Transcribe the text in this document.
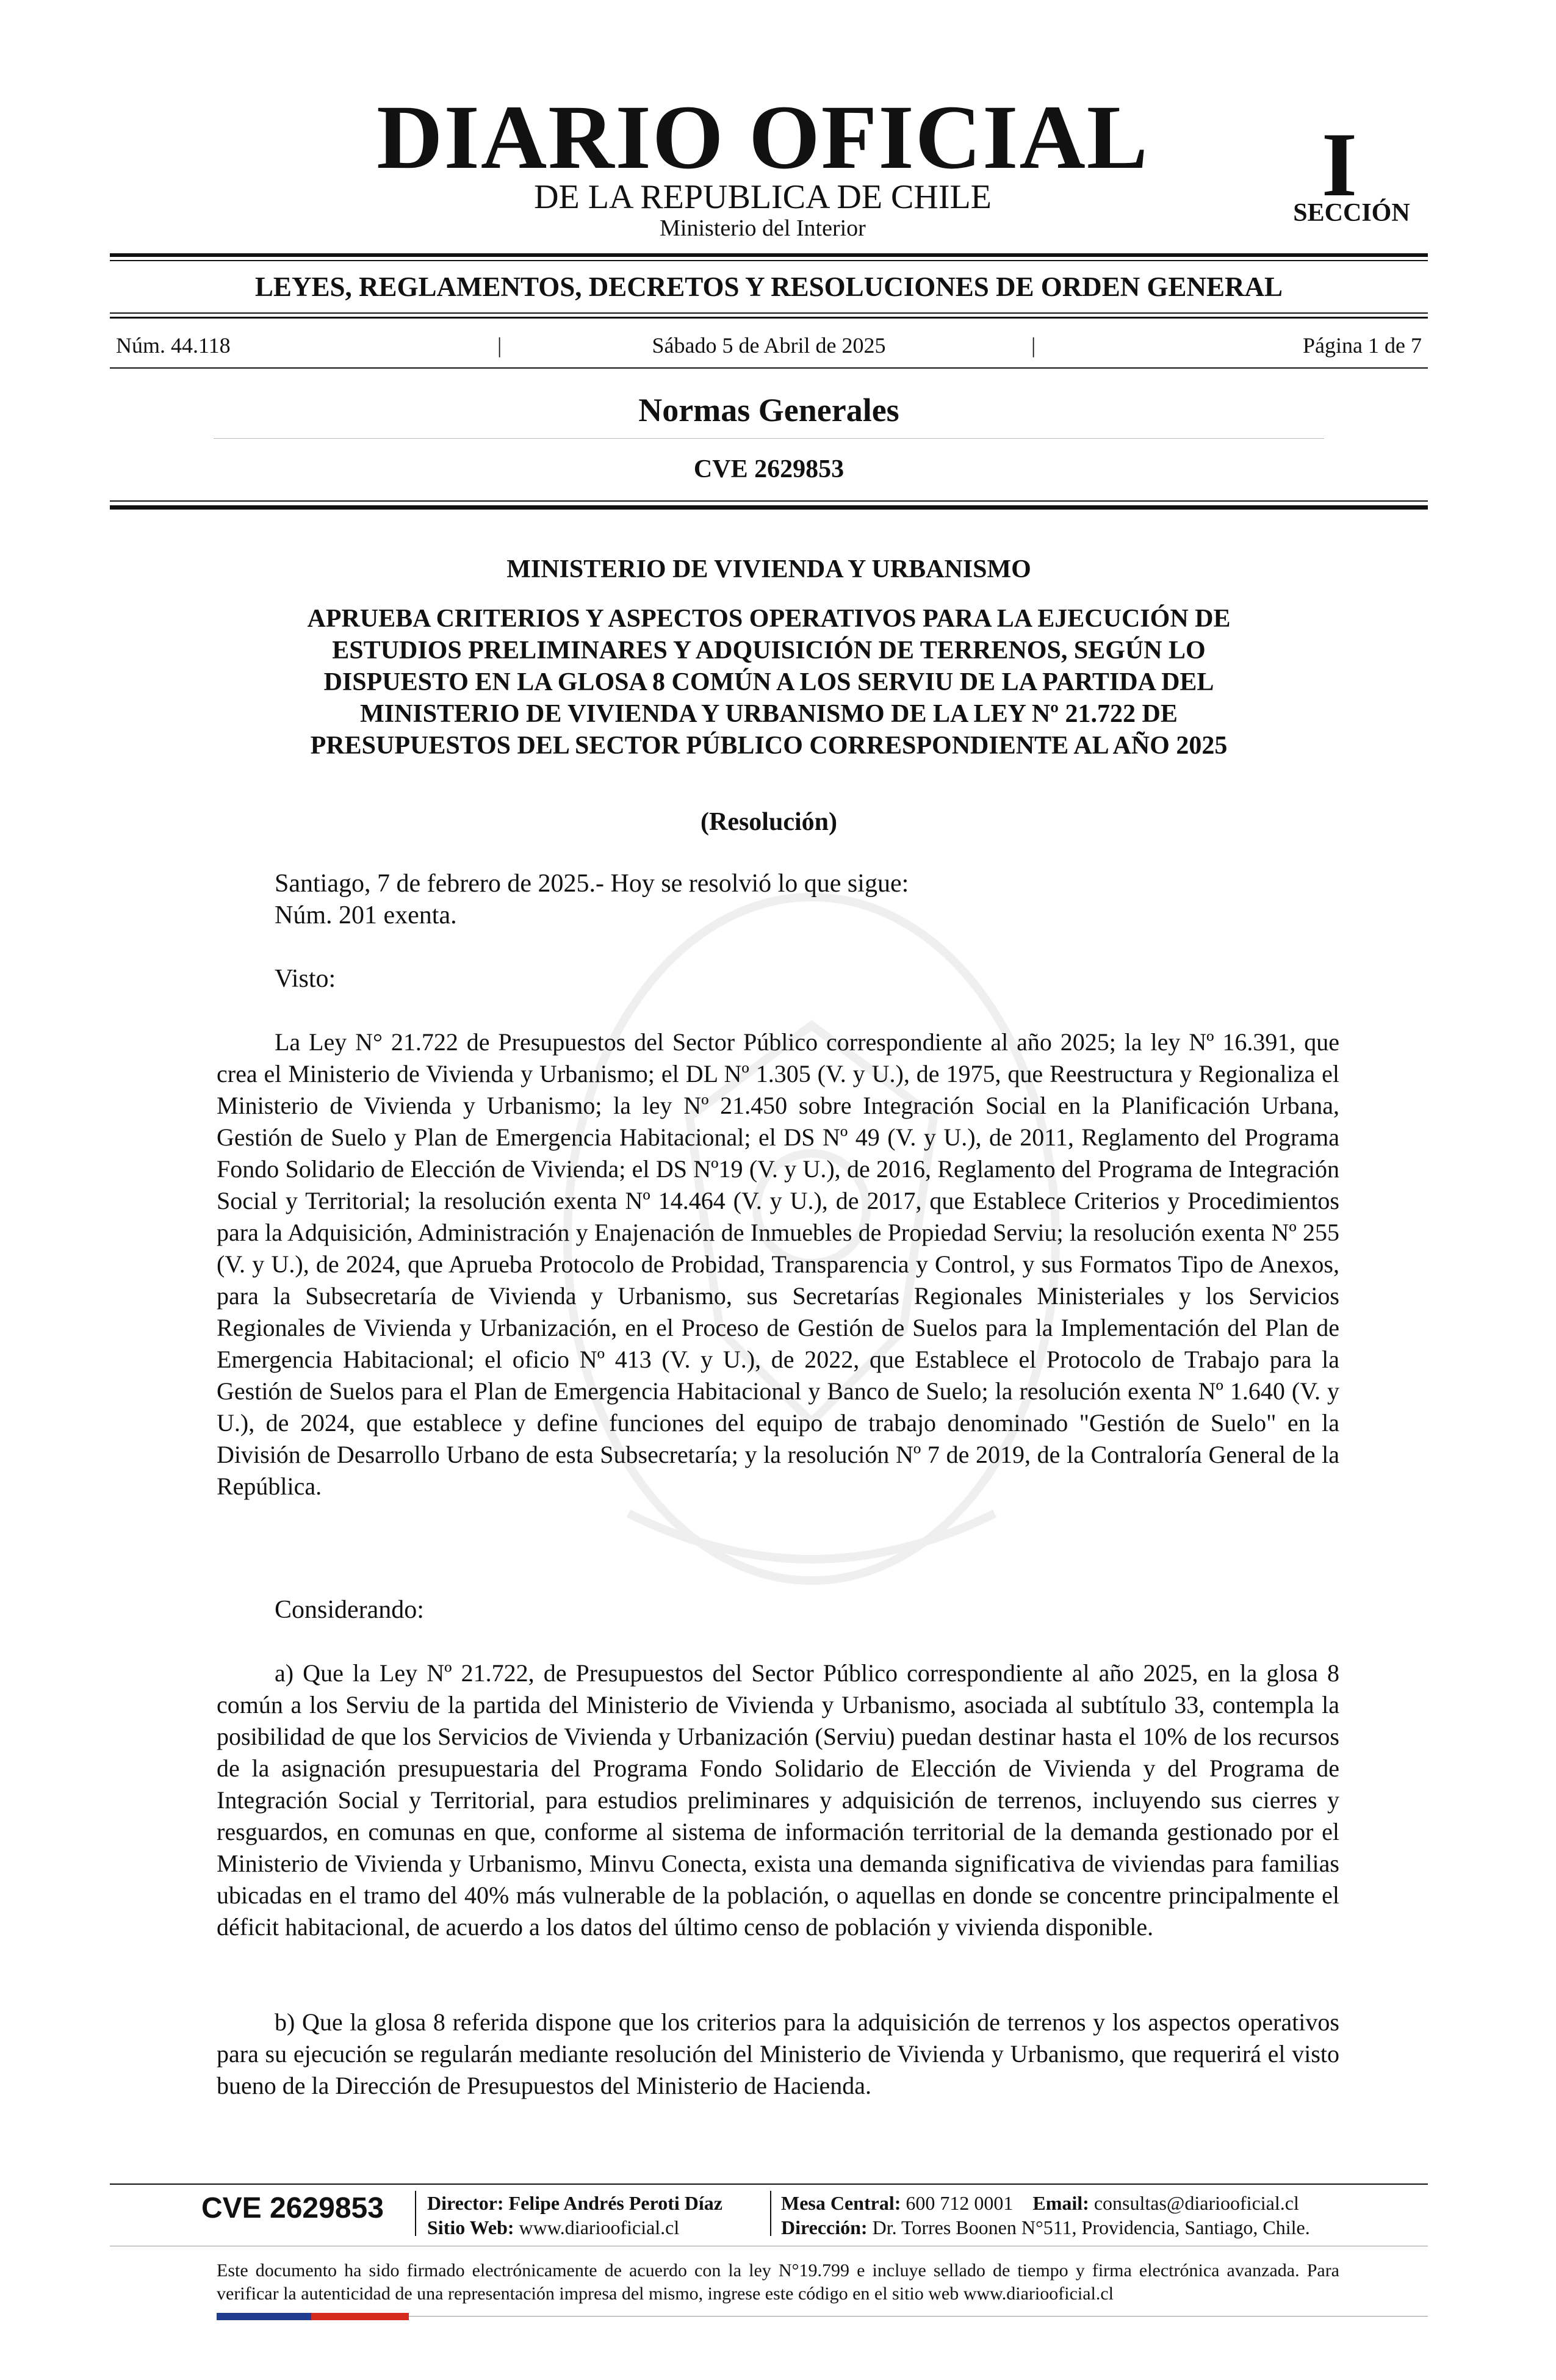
DIARIO OFICIAL
DE LA REPUBLICA DE CHILE
Ministerio del Interior
I
SECCIÓN
LEYES, REGLAMENTOS, DECRETOS Y RESOLUCIONES DE ORDEN GENERAL
Núm. 44.118	|	Sábado 5 de Abril de 2025	|	Página 1 de 7
Normas Generales
CVE 2629853
MINISTERIO DE VIVIENDA Y URBANISMO
APRUEBA CRITERIOS Y ASPECTOS OPERATIVOS PARA LA EJECUCIÓN DE
ESTUDIOS PRELIMINARES Y ADQUISICIÓN DE TERRENOS, SEGÚN LO
DISPUESTO EN LA GLOSA 8 COMÚN A LOS SERVIU DE LA PARTIDA DEL
MINISTERIO DE VIVIENDA Y URBANISMO DE LA LEY Nº 21.722 DE
PRESUPUESTOS DEL SECTOR PÚBLICO CORRESPONDIENTE AL AÑO 2025
(Resolución)
Santiago, 7 de febrero de 2025.- Hoy se resolvió lo que sigue:
Núm. 201 exenta.
Visto:
La Ley N° 21.722 de Presupuestos del Sector Público correspondiente al año 2025; la ley Nº 16.391, que crea el Ministerio de Vivienda y Urbanismo; el DL Nº 1.305 (V. y U.), de 1975, que Reestructura y Regionaliza el Ministerio de Vivienda y Urbanismo; la ley Nº 21.450 sobre Integración Social en la Planificación Urbana, Gestión de Suelo y Plan de Emergencia Habitacional; el DS Nº 49 (V. y U.), de 2011, Reglamento del Programa Fondo Solidario de Elección de Vivienda; el DS Nº19 (V. y U.), de 2016, Reglamento del Programa de Integración Social y Territorial; la resolución exenta Nº 14.464 (V. y U.), de 2017, que Establece Criterios y Procedimientos para la Adquisición, Administración y Enajenación de Inmuebles de Propiedad Serviu; la resolución exenta Nº 255 (V. y U.), de 2024, que Aprueba Protocolo de Probidad, Transparencia y Control, y sus Formatos Tipo de Anexos, para la Subsecretaría de Vivienda y Urbanismo, sus Secretarías Regionales Ministeriales y los Servicios Regionales de Vivienda y Urbanización, en el Proceso de Gestión de Suelos para la Implementación del Plan de Emergencia Habitacional; el oficio Nº 413 (V. y U.), de 2022, que Establece el Protocolo de Trabajo para la Gestión de Suelos para el Plan de Emergencia Habitacional y Banco de Suelo; la resolución exenta Nº 1.640 (V. y U.), de 2024, que establece y define funciones del equipo de trabajo denominado "Gestión de Suelo" en la División de Desarrollo Urbano de esta Subsecretaría; y la resolución Nº 7 de 2019, de la Contraloría General de la República.
Considerando:
a) Que la Ley Nº 21.722, de Presupuestos del Sector Público correspondiente al año 2025, en la glosa 8 común a los Serviu de la partida del Ministerio de Vivienda y Urbanismo, asociada al subtítulo 33, contempla la posibilidad de que los Servicios de Vivienda y Urbanización (Serviu) puedan destinar hasta el 10% de los recursos de la asignación presupuestaria del Programa Fondo Solidario de Elección de Vivienda y del Programa de Integración Social y Territorial, para estudios preliminares y adquisición de terrenos, incluyendo sus cierres y resguardos, en comunas en que, conforme al sistema de información territorial de la demanda gestionado por el Ministerio de Vivienda y Urbanismo, Minvu Conecta, exista una demanda significativa de viviendas para familias ubicadas en el tramo del 40% más vulnerable de la población, o aquellas en donde se concentre principalmente el déficit habitacional, de acuerdo a los datos del último censo de población y vivienda disponible.
b) Que la glosa 8 referida dispone que los criterios para la adquisición de terrenos y los aspectos operativos para su ejecución se regularán mediante resolución del Ministerio de Vivienda y Urbanismo, que requerirá el visto bueno de la Dirección de Presupuestos del Ministerio de Hacienda.
CVE 2629853	Director: Felipe Andrés Peroti Díaz
Sitio Web: www.diariooficial.cl
Mesa Central: 600 712 0001 Email: consultas@diariooficial.cl
Dirección: Dr. Torres Boonen N°511, Providencia, Santiago, Chile.
Este documento ha sido firmado electrónicamente de acuerdo con la ley N°19.799 e incluye sellado de tiempo y firma electrónica avanzada. Para verificar la autenticidad de una representación impresa del mismo, ingrese este código en el sitio web www.diariooficial.cl
